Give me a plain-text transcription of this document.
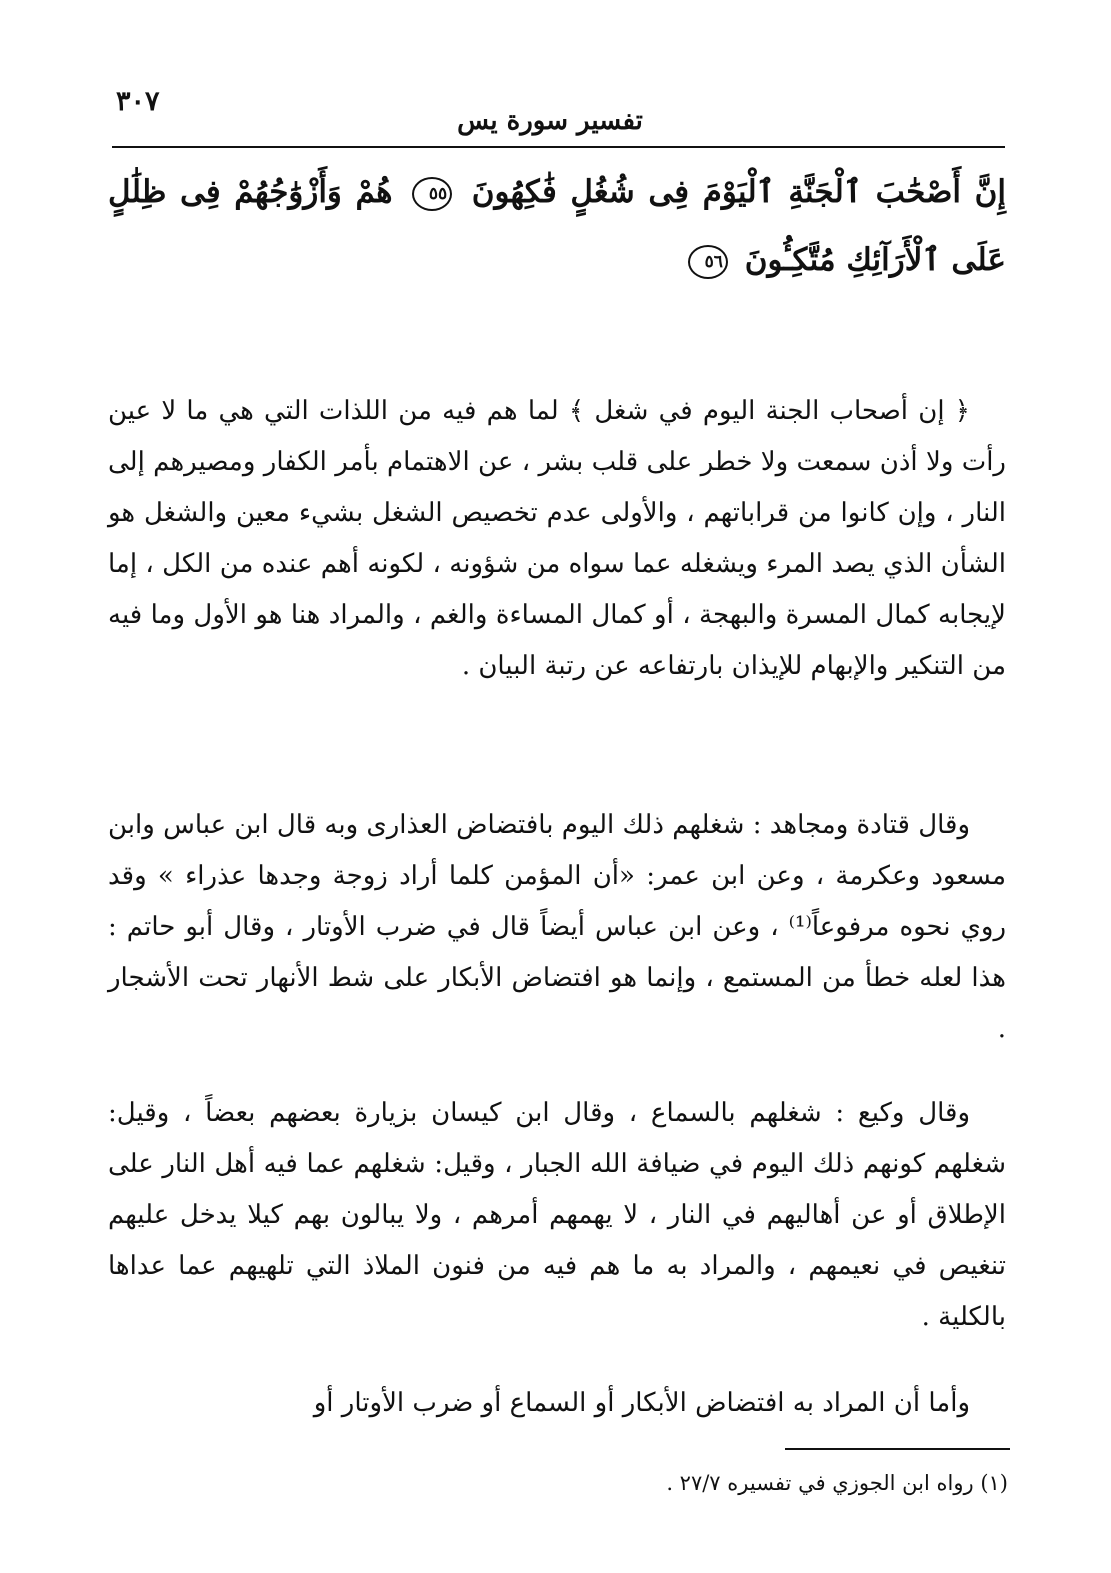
٣٠٧
تفسير سورة يس
إِنَّ أَصْحَٰبَ ٱلْجَنَّةِ ٱلْيَوْمَ فِى شُغُلٍ فَٰكِهُونَ ٥٥ هُمْ وَأَزْوَٰجُهُمْ فِى ظِلَٰلٍ عَلَى ٱلْأَرَآئِكِ مُتَّكِـُٔونَ ٥٦

﴿ إن أصحاب الجنة اليوم في شغل ﴾ لما هم فيه من اللذات التي هي ما لا عين رأت ولا أذن سمعت ولا خطر على قلب بشر ، عن الاهتمام بأمر الكفار ومصيرهم إلى النار ، وإن كانوا من قراباتهم ، والأولى عدم تخصيص الشغل بشيء معين والشغل هو الشأن الذي يصد المرء ويشغله عما سواه من شؤونه ، لكونه أهم عنده من الكل ، إما لإيجابه كمال المسرة والبهجة ، أو كمال المساءة والغم ، والمراد هنا هو الأول وما فيه من التنكير والإبهام للإيذان بارتفاعه عن رتبة البيان .

وقال قتادة ومجاهد : شغلهم ذلك اليوم بافتضاض العذارى وبه قال ابن عباس وابن مسعود وعكرمة ، وعن ابن عمر: «أن المؤمن كلما أراد زوجة وجدها عذراء » وقد روي نحوه مرفوعاً⁽¹⁾ ، وعن ابن عباس أيضاً قال في ضرب الأوتار ، وقال أبو حاتم : هذا لعله خطأ من المستمع ، وإنما هو افتضاض الأبكار على شط الأنهار تحت الأشجار .

وقال وكيع : شغلهم بالسماع ، وقال ابن كيسان بزيارة بعضهم بعضاً ، وقيل: شغلهم كونهم ذلك اليوم في ضيافة الله الجبار ، وقيل: شغلهم عما فيه أهل النار على الإطلاق أو عن أهاليهم في النار ، لا يهمهم أمرهم ، ولا يبالون بهم كيلا يدخل عليهم تنغيص في نعيمهم ، والمراد به ما هم فيه من فنون الملاذ التي تلهيهم عما عداها بالكلية .

وأما أن المراد به افتضاض الأبكار أو السماع أو ضرب الأوتار أو

(١) رواه ابن الجوزي في تفسيره ٢٧/٧ .
